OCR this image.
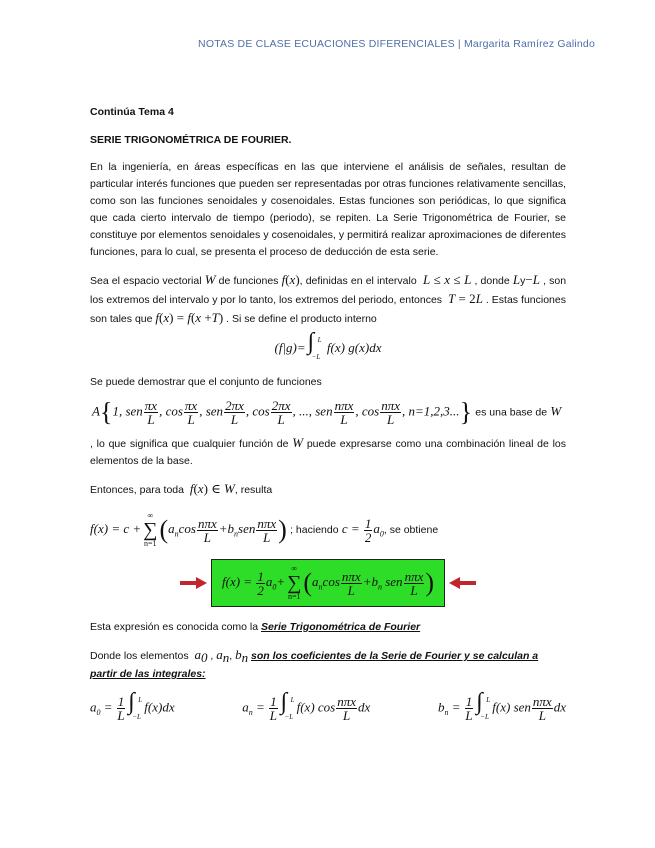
NOTAS DE CLASE ECUACIONES DIFERENCIALES | Margarita Ramírez Galindo
Continúa Tema 4
SERIE TRIGONOMÉTRICA DE FOURIER.
En la ingeniería, en áreas específicas en las que interviene el análisis de señales, resultan de particular interés funciones que pueden ser representadas por otras funciones relativamente sencillas, como son las funciones senoidales y cosenoidales. Estas funciones son periódicas, lo que significa que cada cierto intervalo de tiempo (periodo), se repiten. La Serie Trigonométrica de Fourier, se constituye por elementos senoidales y cosenoidales, y permitirá realizar aproximaciones de diferentes funciones, para lo cual, se presenta el proceso de deducción de esta serie.
Sea el espacio vectorial W de funciones f(x), definidas en el intervalo L ≤ x ≤ L , donde Ly−L , son los extremos del intervalo y por lo tanto, los extremos del periodo, entonces T = 2L . Estas funciones son tales que f(x) = f(x +T) . Si se define el producto interno
(f|g)= ∫ L
−L
f(x) g(x)dx
Se puede demostrar que el conjunto de funciones
A{1, sen $\frac{\pi x}{L}$ , $\cos \frac{\pi x}{L}$ , sen $\frac{2\pi x}{L}$ , $\cos \frac{2\pi x}{L}$ , ..., sen $\frac{\text{nπx}}{L}$ , $\cos \frac{\text{nπx}}{L}$ , n=1,2,3...} es una base de W
, lo que significa que cualquier función de W puede expresarse como una combinación lineal de los elementos de la base.
Entonces, para toda f(x) ∈ W, resulta
f(x) = c +
∞
∑
n=1 ($a_n\cos \frac{\text{nπx}}{L} +b_nsen \frac{\text{nπx}}{L}$ ) ; haciendo $c = \frac{1}{2} a_0$, se obtiene
$f(x) = \frac{1}{2} a_0+$
∞
∑
n=1 ($a_n\cos \frac{\text{nπx}}{L} +b_n$ sen $\frac{\text{nπx}}{L}$ )
Esta expresión es conocida como la Serie Trigonométrica de Fourier
Donde los elementos $a_0$ , $a_n$, $b_n$ son los coeficientes de la Serie de Fourier y se calculan a partir de las integrales:
$a_0 = \frac{1}{L}$ ∫ L
−L
f(x)dx	$a_n = \frac{1}{L}$ ∫ L
−L
f(x) $\cos \frac{\text{nπx}}{L}$ dx	$b_n = \frac{1}{L}$ ∫ L
−L
f(x) sen $\frac{\text{nπx}}{L}$ dx
